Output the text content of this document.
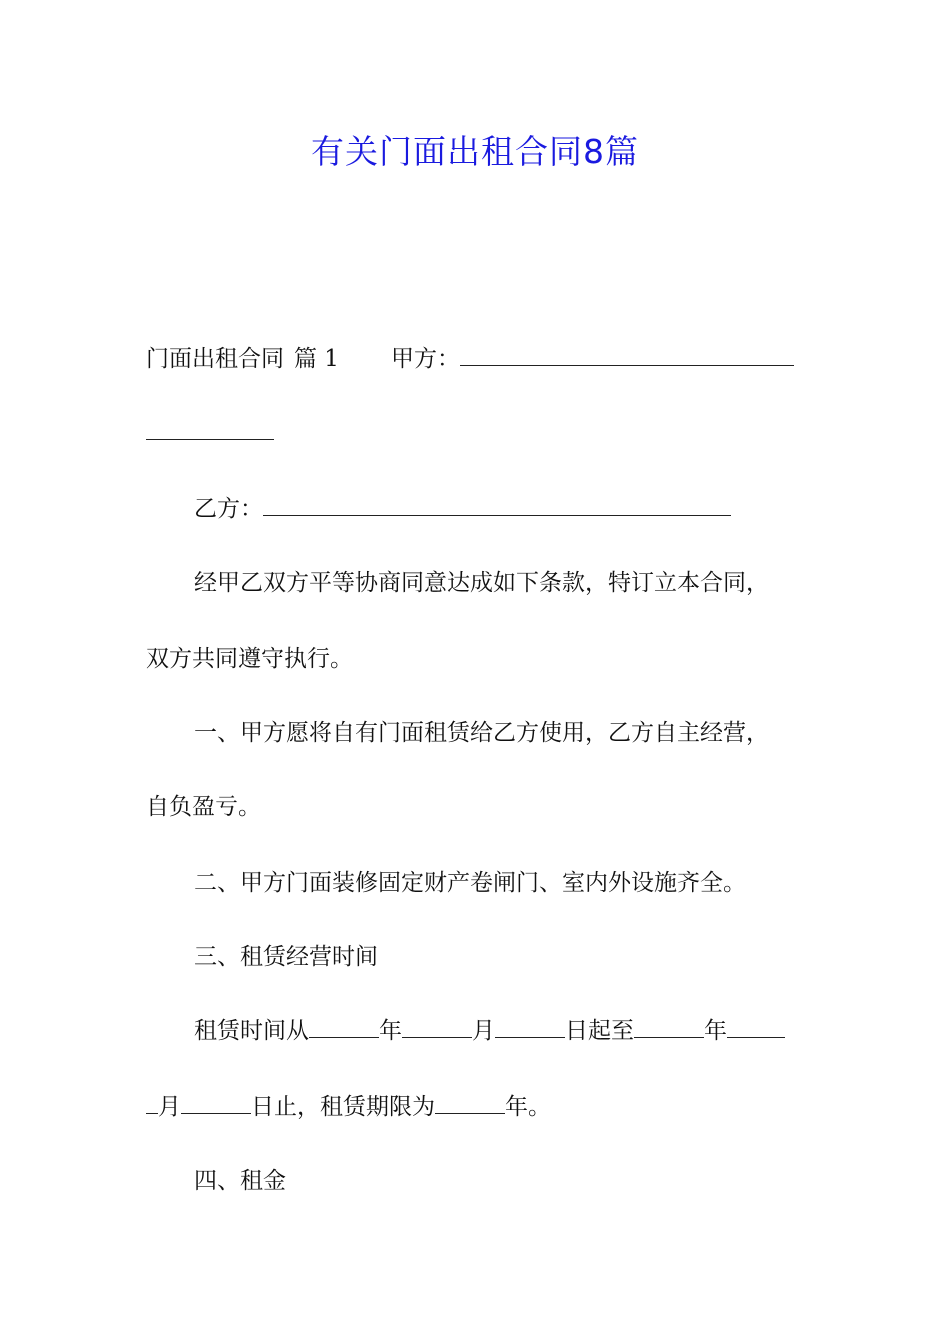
有关门面出租合同8篇
门面出租合同 篇 1 甲方：
乙方：
经甲乙双方平等协商同意达成如下条款，特订立本合同，
双方共同遵守执行。
一、甲方愿将自有门面租赁给乙方使用，乙方自主经营，
自负盈亏。
二、甲方门面装修固定财产卷闸门、室内外设施齐全。
三、租赁经营时间
租赁时间从	年	月	日起至	年
月	日止，租赁期限为	年。
四、租金
